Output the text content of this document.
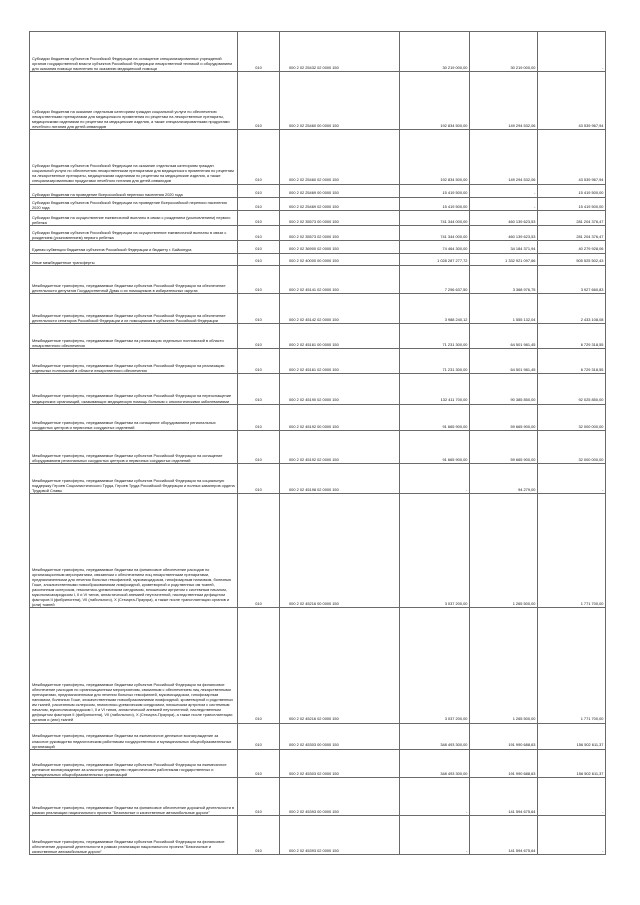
Субсидии бюджетам субъектов Российской Федерации на оснащение специализированных учреждений органов государственной власти субъектов Российской Федерации лекарственной техникой и оборудованием для оказания помощи населению по оказанию медицинской помощи	010	000 2 02 25432 02 0000 150	30 219 000,00	30 219 000,00	-
Субсидии бюджетам на оказание отдельным категориям граждан социальной услуги по обеспечению лекарственными препаратами для медицинского применения по рецептам на лекарственные препараты, медицинскими изделиями по рецептам на медицинские изделия, а также специализированными продуктами лечебного питания для детей-инвалидов	010	000 2 02 25460 00 0000 150	192 834 500,00	149 294 532,06	43 539 967,94
Субсидии бюджетам субъектов Российской Федерации на оказание отдельным категориям граждан социальной услуги по обеспечению лекарственными препаратами для медицинского применения по рецептам на лекарственные препараты, медицинскими изделиями по рецептам на медицинские изделия, а также специализированными продуктами лечебного питания для детей-инвалидов	010	000 2 02 25460 02 0000 150	192 834 500,00	149 294 532,06	43 539 967,94
Субсидии бюджетам на проведение Всероссийской переписи населения 2020 года	010	000 2 02 25469 00 0000 150	15 419 500,00	-	15 419 500,00
Субсидии бюджетам субъектов Российской Федерации на проведение Всероссийской переписи населения 2020 года	010	000 2 02 25469 02 0000 150	15 419 500,00	-	15 419 500,00
Субсидии бюджетам на осуществление ежемесячной выплаты в связи с рождением (усыновлением) первого ребенка	010	000 2 02 35573 00 0000 150	741 344 000,00	460 139 623,53	281 204 376,47
Субсидии бюджетам субъектов Российской Федерации на осуществление ежемесячной выплаты в связи с рождением (усыновлением) первого ребенка	010	000 2 02 35573 02 0000 150	741 344 000,00	460 139 623,53	281 204 376,47
Единая субвенция бюджетам субъектов Российской Федерации и бюджету г. Байконура	010	000 2 02 36900 02 0000 150	74 464 300,00	34 184 371,94	40 279 928,06
Иные межбюджетные трансферты	010	000 2 02 40000 00 0000 150	1 028 287 277,72	1 332 921 097,66	505 525 502,43
Межбюджетные трансферты, передаваемые бюджетам субъектов Российской Федерации на обеспечение деятельности депутатов Государственной Думы и их помощников в избирательных округах	010	000 2 02 45141 02 0000 150	7 296 637,50	3 368 976,75	3 927 660,83
Межбюджетные трансферты, передаваемые бюджетам субъектов Российской Федерации на обеспечение деятельности сенаторов Российской Федерации и их помощников в субъектах Российской Федерации	010	000 2 02 45142 02 0000 150	3 988 240,12	1 555 132,04	2 433 108,08
Межбюджетные трансферты, передаваемые бюджетам на реализацию отдельных полномочий в области лекарственного обеспечения	010	000 2 02 45161 00 0000 150	71 231 300,00	64 501 981,45	6 729 318,55
Межбюджетные трансферты, передаваемые бюджетам субъектов Российской Федерации на реализацию отдельных полномочий в области лекарственного обеспечения	010	000 2 02 45161 02 0000 150	71 231 300,00	64 501 981,45	6 729 318,55
Межбюджетные трансферты, передаваемые бюджетам субъектов Российской Федерации на переоснащение медицинских организаций, оказывающих медицинскую помощь больным с онкологическими заболеваниями	010	000 2 02 45190 02 0000 150	132 411 700,00	90 385 850,00	92 025 850,00
Межбюджетные трансферты, передаваемые бюджетам на оснащение оборудованием региональных сосудистых центров и первичных сосудистых отделений	010	000 2 02 45192 00 0000 150	91 665 900,00	59 665 900,00	32 000 000,00
Межбюджетные трансферты, передаваемые бюджетам субъектов Российской Федерации на оснащение оборудованием региональных сосудистых центров и первичных сосудистых отделений	010	000 2 02 45192 02 0000 150	91 665 900,00	59 665 900,00	32 000 000,00
Межбюджетные трансферты, передаваемые бюджетам субъектов Российской Федерации на социальную поддержку Героев Социалистического Труда, Героев Труда Российской Федерации и полных кавалеров ордена Трудовой Славы	010	000 2 02 45198 02 0000 150	-	94 279,00	-
Межбюджетные трансферты, передаваемые бюджетам на финансовое обеспечение расходов по организационным мероприятиям, связанным с обеспечением лиц лекарственными препаратами, предназначенными для лечения больных гемофилией, муковисцидозом, гипофизарным нанизмом, болезнью Гоше, злокачественными новообразованиями лимфоидной, кроветворной и родственных им тканей, рассеянным склерозом, гемолитико-уремическим синдромом, юношеским артритом с системным началом, мукополисахаридозом I, II и VI типов, апластической анемией неуточненной, наследственным дефицитом факторов II (фибриногена), VII (лабильного), X (Стюарта-Прауэра), а также после трансплантации органов и (или) тканей	010	000 2 02 45216 00 0000 150	3 037 200,00	1 265 500,00	1 771 700,00
Межбюджетные трансферты, передаваемые бюджетам субъектов Российской Федерации на финансовое обеспечение расходов по организационным мероприятиям, связанным с обеспечением лиц лекарственными препаратами, предназначенными для лечения больных гемофилией, муковисцидозом, гипофизарным нанизмом, болезнью Гоше, злокачественными новообразованиями лимфоидной, кроветворной и родственных им тканей, рассеянным склерозом, гемолитико-уремическим синдромом, юношеским артритом с системным началом, мукополисахаридозом I, II и VI типов, апластической анемией неуточненной, наследственным дефицитом факторов II (фибриногена), VII (лабильного), X (Стюарта-Прауэра), а также после трансплантации органов и (или) тканей	010	000 2 02 45216 02 0000 150	3 037 200,00	1 265 500,00	1 771 700,00
Межбюджетные трансферты, передаваемые бюджетам на ежемесячное денежное вознаграждение за классное руководство педагогическим работникам государственных и муниципальных общеобразовательных организаций	010	000 2 02 45303 00 0000 150	348 493 300,00	191 990 688,63	156 502 611,37
Межбюджетные трансферты, передаваемые бюджетам субъектов Российской Федерации на ежемесячное денежное вознаграждение за классное руководство педагогическим работникам государственных и муниципальных общеобразовательных организаций	010	000 2 02 45303 02 0000 150	348 493 300,00	191 990 688,63	156 502 611,37
Межбюджетные трансферты, передаваемые бюджетам на финансовое обеспечение дорожной деятельности в рамках реализации национального проекта "Безопасные и качественные автомобильные дороги"	010	000 2 02 45393 00 0000 150	-	141 594 675,64	-
Межбюджетные трансферты, передаваемые бюджетам субъектов Российской Федерации на финансовое обеспечение дорожной деятельности в рамках реализации национального проекта "Безопасные и качественные автомобильные дороги"	010	000 2 02 45393 02 0000 150	-	141 594 675,64	-
